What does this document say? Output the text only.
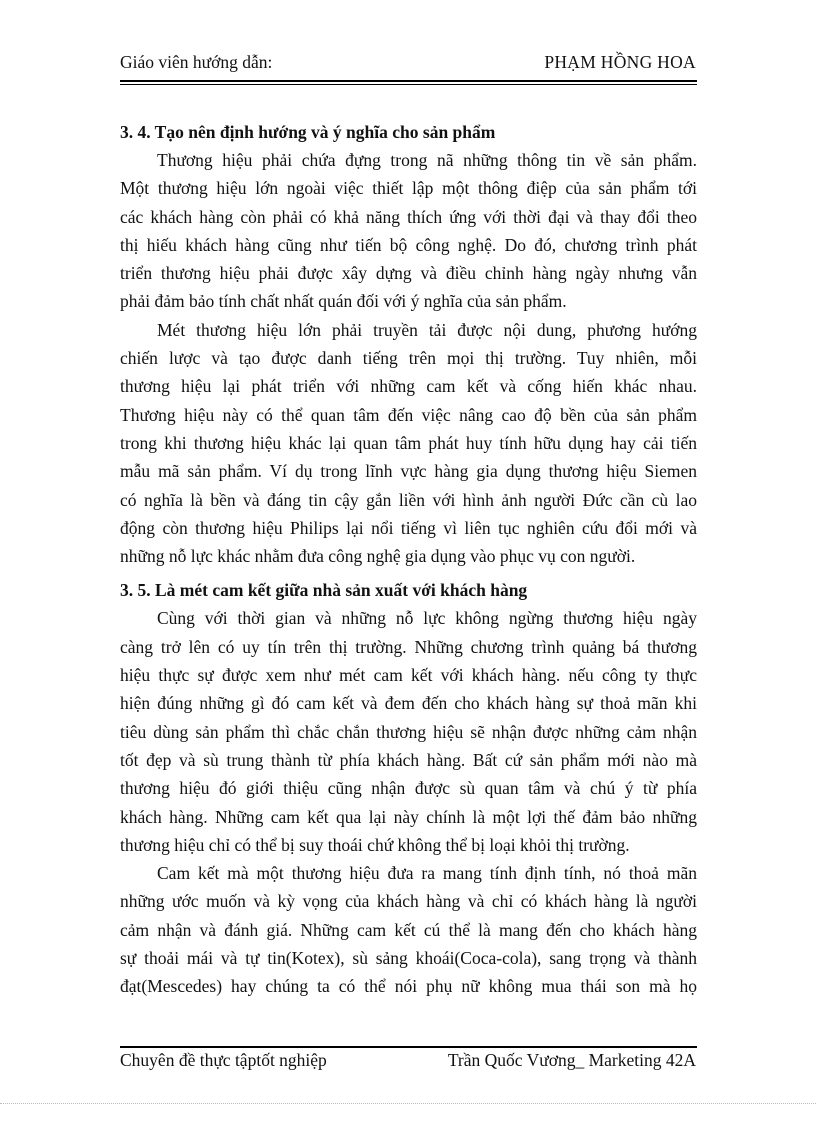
Giáo viên hướng dẫn:	PHẠM HỒNG HOA
3. 4. Tạo nên định hướng và ý nghĩa cho sản phẩm
Thương hiệu phải chứa đựng trong nã những thông tin về sản phẩm.
Một thương hiệu lớn ngoài việc thiết lập một thông điệp của sản phẩm tới
các khách hàng còn phải có khả năng thích ứng với thời đại và thay đổi theo
thị hiếu khách hàng cũng như tiến bộ công nghệ. Do đó, chương trình phát
triển thương hiệu phải được xây dựng và điều chỉnh hàng ngày nhưng vẫn
phải đảm bảo tính chất nhất quán đối với ý nghĩa của sản phẩm.
Mét thương hiệu lớn phải truyền tải được nội dung, phương hướng
chiến lược và tạo được danh tiếng trên mọi thị trường. Tuy nhiên, mỗi
thương hiệu lại phát triển với những cam kết và cống hiến khác nhau.
Thương hiệu này có thể quan tâm đến việc nâng cao độ bền của sản phẩm
trong khi thương hiệu khác lại quan tâm phát huy tính hữu dụng hay cải tiến
mẫu mã sản phẩm. Ví dụ trong lĩnh vực hàng gia dụng thương hiệu Siemen
có nghĩa là bền và đáng tin cậy gắn liền với hình ảnh người Đức cần cù lao
động còn thương hiệu Philips lại nổi tiếng vì liên tục nghiên cứu đổi mới và
những nỗ lực khác nhằm đưa công nghệ gia dụng vào phục vụ con người.
3. 5. Là mét cam kết giữa nhà sản xuất với khách hàng
Cùng với thời gian và những nỗ lực không ngừng thương hiệu ngày
càng trở lên có uy tín trên thị trường. Những chương trình quảng bá thương
hiệu thực sự được xem như mét cam kết với khách hàng. nếu công ty thực
hiện đúng những gì đó cam kết và đem đến cho khách hàng sự thoả mãn khi
tiêu dùng sản phẩm thì chắc chắn thương hiệu sẽ nhận được những cảm nhận
tốt đẹp và sù trung thành từ phía khách hàng. Bất cứ sản phẩm mới nào mà
thương hiệu đó giới thiệu cũng nhận được sù quan tâm và chú ý từ phía
khách hàng. Những cam kết qua lại này chính là một lợi thế đảm bảo những
thương hiệu chỉ có thể bị suy thoái chứ không thể bị loại khỏi thị trường.
Cam kết mà một thương hiệu đưa ra mang tính định tính, nó thoả mãn
những ước muốn và kỳ vọng của khách hàng và chỉ có khách hàng là người
cảm nhận và đánh giá. Những cam kết cú thể là mang đến cho khách hàng
sự thoải mái và tự tin(Kotex), sù sảng khoái(Coca-cola), sang trọng và thành
đạt(Mescedes) hay chúng ta có thể nói phụ nữ không mua thái son mà họ
Chuyên đề thực tậptốt nghiệp	Trần Quốc Vương_ Marketing 42A
